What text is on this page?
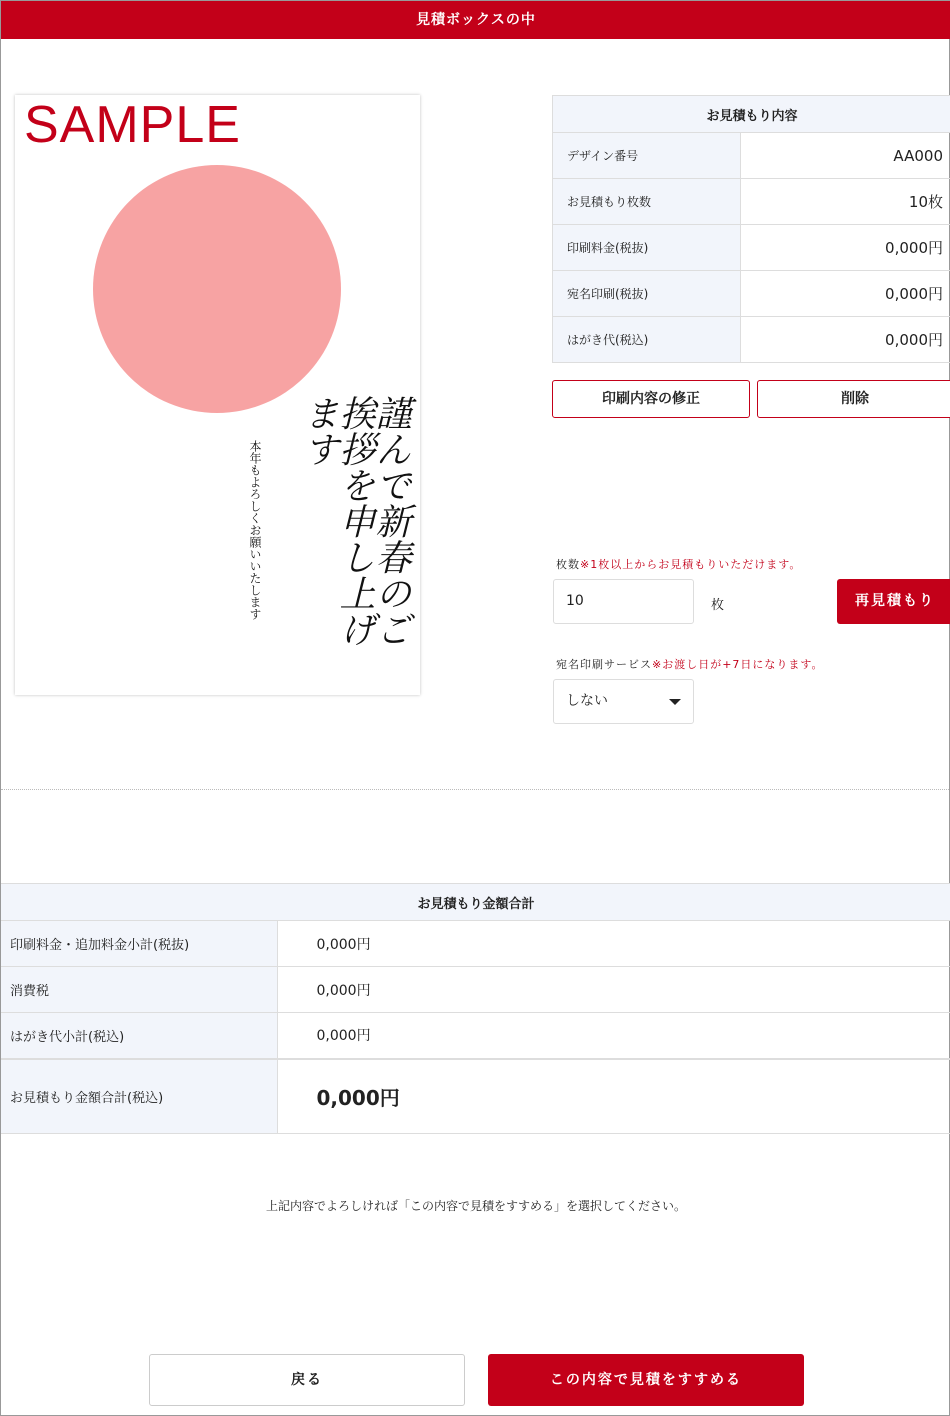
見積ボックスの中
SAMPLE
謹んで新春のご挨拶を申し上げます
本年もよろしくお願いいたします
お見積もり内容	
デザイン番号	AA000
お見積もり枚数	10枚
印刷料金(税抜)	0,000円
宛名印刷(税抜)	0,000円
はがき代(税込)	0,000円
印刷内容の修正	削除
枚数※1枚以上からお見積もりいただけます。
10	枚	再見積もり
宛名印刷サービス※お渡し日が+7日になります。
しない
お見積もり金額合計	
印刷料金・追加料金小計(税抜)	0,000円
消費税	0,000円
はがき代小計(税込)	0,000円
お見積もり金額合計(税込)	0,000円
上記内容でよろしければ「この内容で見積をすすめる」を選択してください。
戻る	この内容で見積をすすめる
